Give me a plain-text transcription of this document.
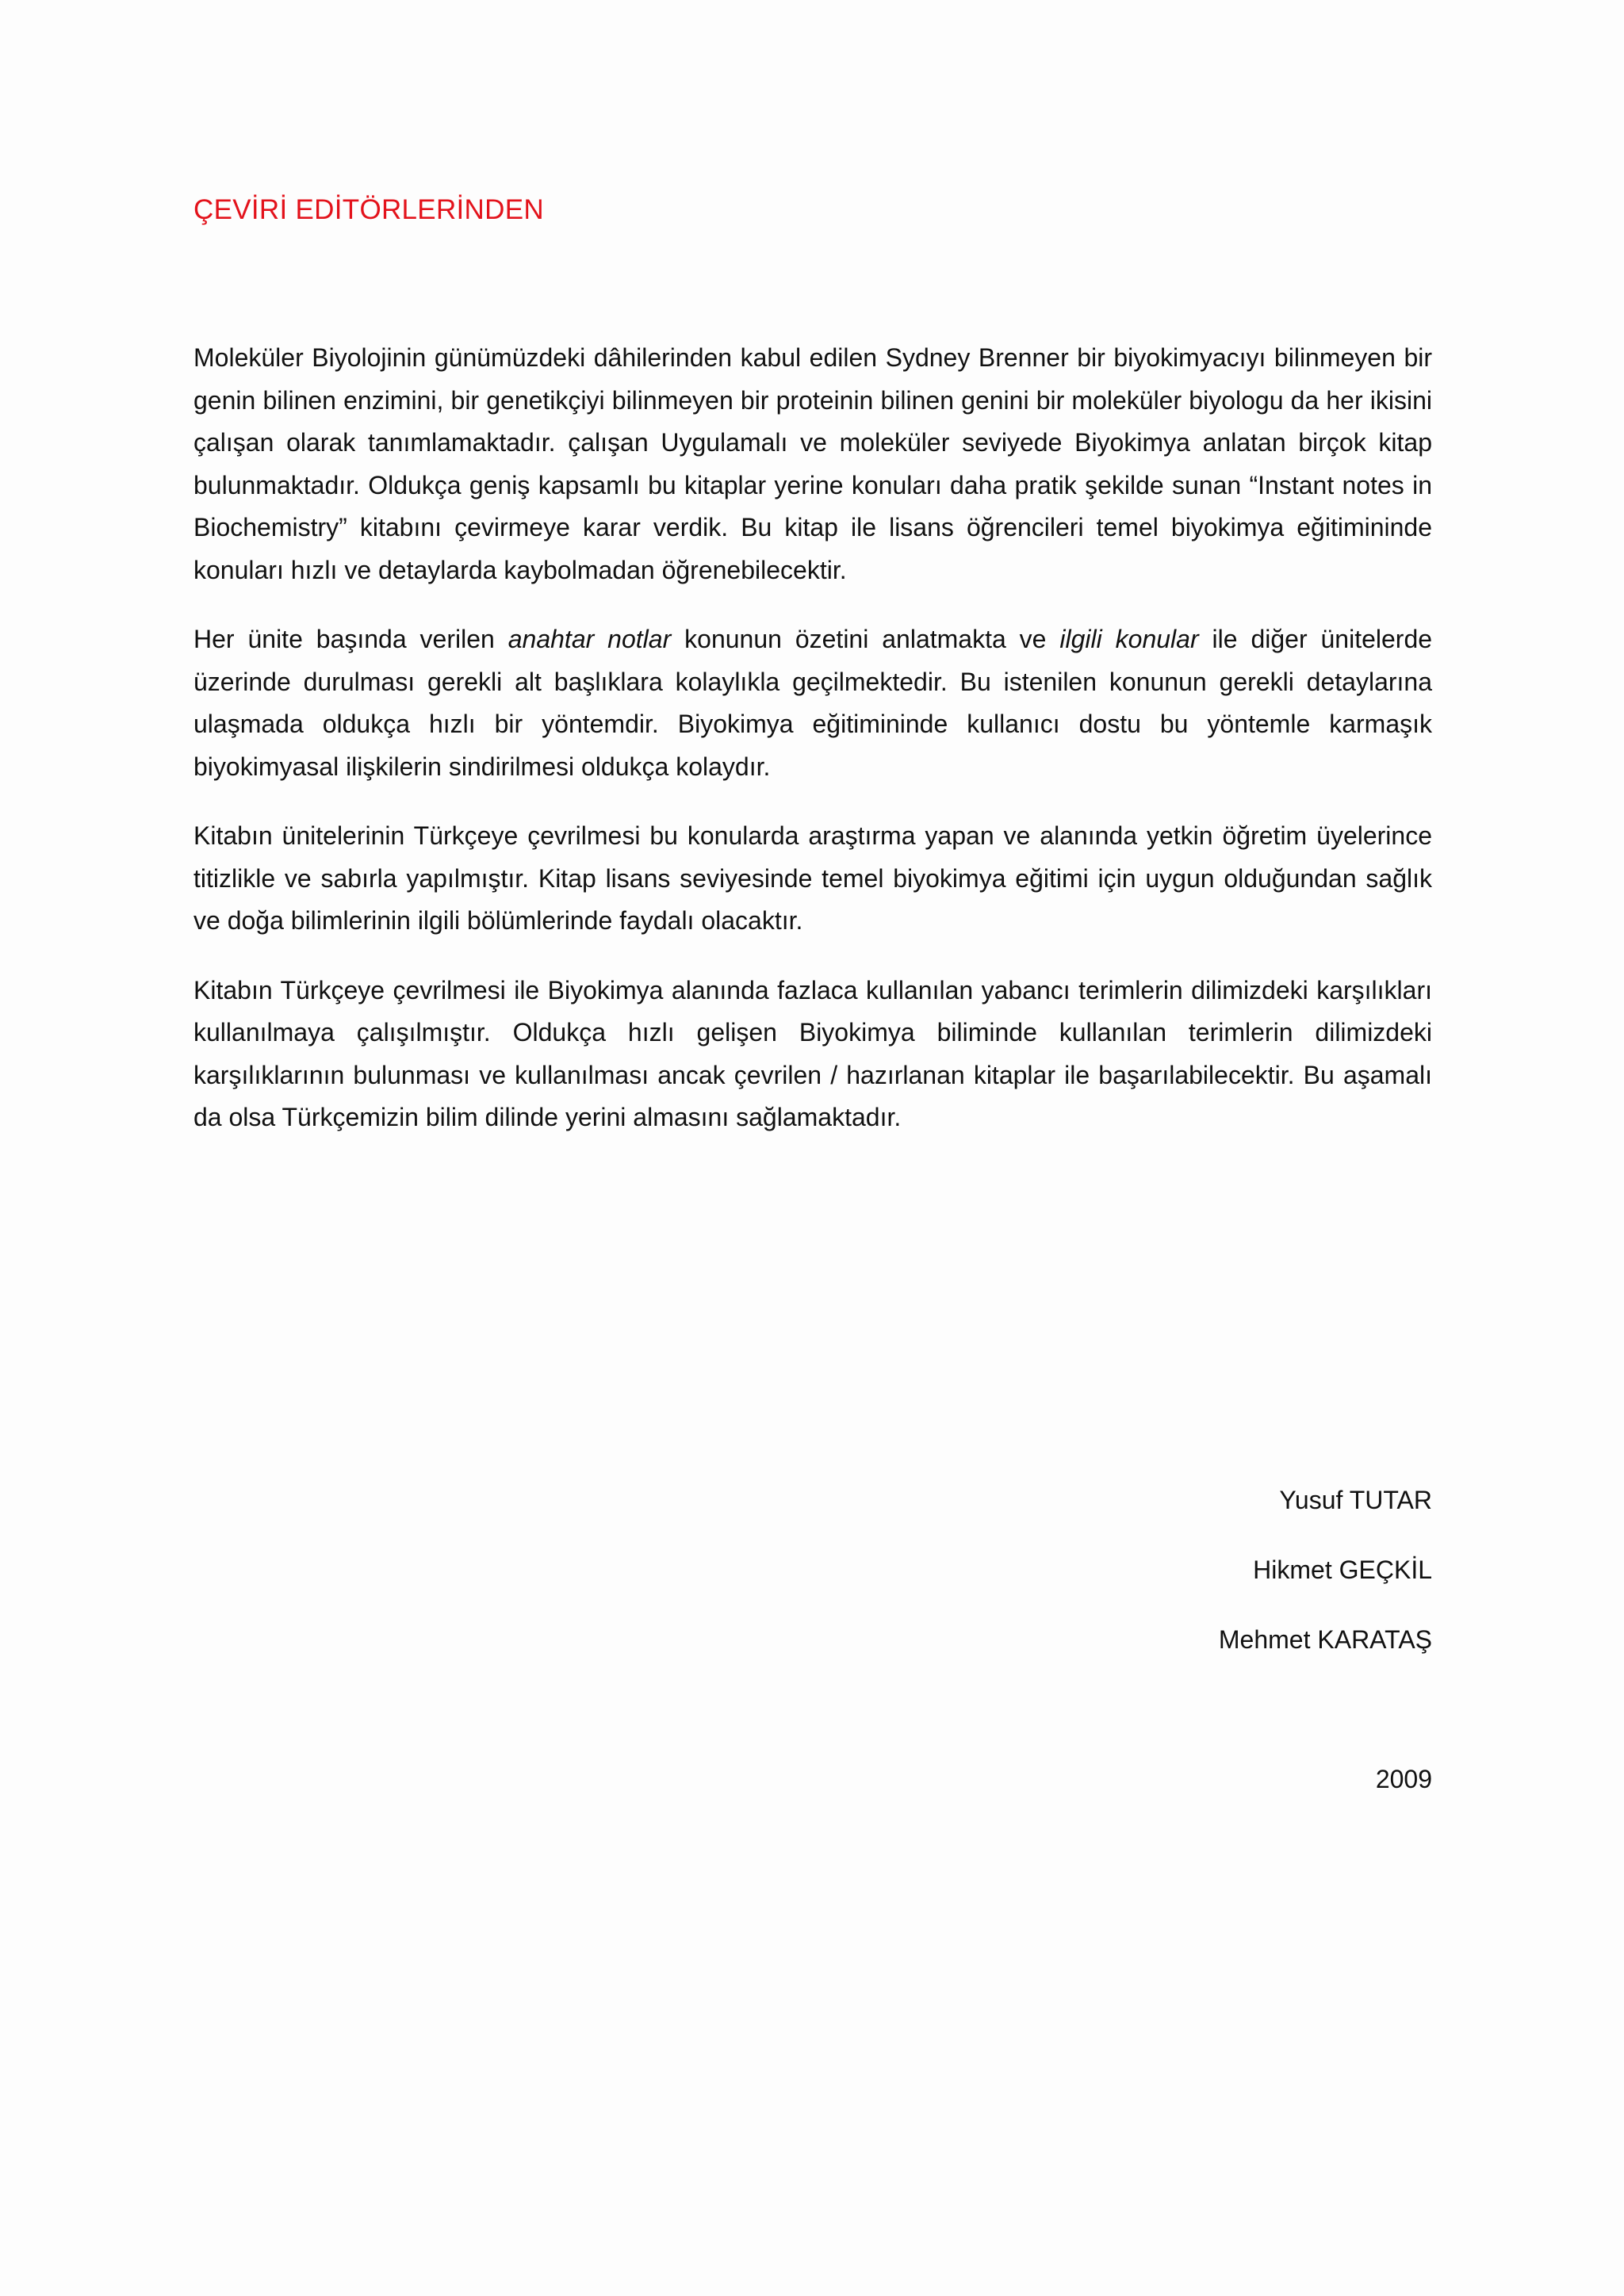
ÇEVİRİ EDİTÖRLERİNDEN

Moleküler Biyolojinin günümüzdeki dâhilerinden kabul edilen Sydney Brenner bir biyokimyacıyı bilinmeyen bir genin bilinen enzimini, bir genetikçiyi bilinmeyen bir proteinin bilinen genini bir moleküler biyologu da her ikisini çalışan olarak tanımlamaktadır. çalışan Uygulamalı ve moleküler seviyede Biyokimya anlatan birçok kitap bulunmaktadır. Oldukça geniş kapsamlı bu kitaplar yerine konuları daha pratik şekilde sunan “Instant notes in Biochemistry” kitabını çevirmeye karar verdik. Bu kitap ile lisans öğrencileri temel biyokimya eğitimininde konuları hızlı ve detaylarda kaybolmadan öğrenebilecektir.

Her ünite başında verilen anahtar notlar konunun özetini anlatmakta ve ilgili konular ile diğer ünitelerde üzerinde durulması gerekli alt başlıklara kolaylıkla geçilmektedir. Bu istenilen konunun gerekli detaylarına ulaşmada oldukça hızlı bir yöntemdir. Biyokimya eğitimininde kullanıcı dostu bu yöntemle karmaşık biyokimyasal ilişkilerin sindirilmesi oldukça kolaydır.

Kitabın ünitelerinin Türkçeye çevrilmesi bu konularda araştırma yapan ve alanında yetkin öğretim üyelerince titizlikle ve sabırla yapılmıştır. Kitap lisans seviyesinde temel biyokimya eğitimi için uygun olduğundan sağlık ve doğa bilimlerinin ilgili bölümlerinde faydalı olacaktır.

Kitabın Türkçeye çevrilmesi ile Biyokimya alanında fazlaca kullanılan yabancı terimlerin dilimizdeki karşılıkları kullanılmaya çalışılmıştır. Oldukça hızlı gelişen Biyokimya biliminde kullanılan terimlerin dilimizdeki karşılıklarının bulunması ve kullanılması ancak çevrilen / hazırlanan kitaplar ile başarılabilecektir. Bu aşamalı da olsa Türkçemizin bilim dilinde yerini almasını sağlamaktadır.

Yusuf TUTAR
Hikmet GEÇKİL
Mehmet KARATAŞ
2009
